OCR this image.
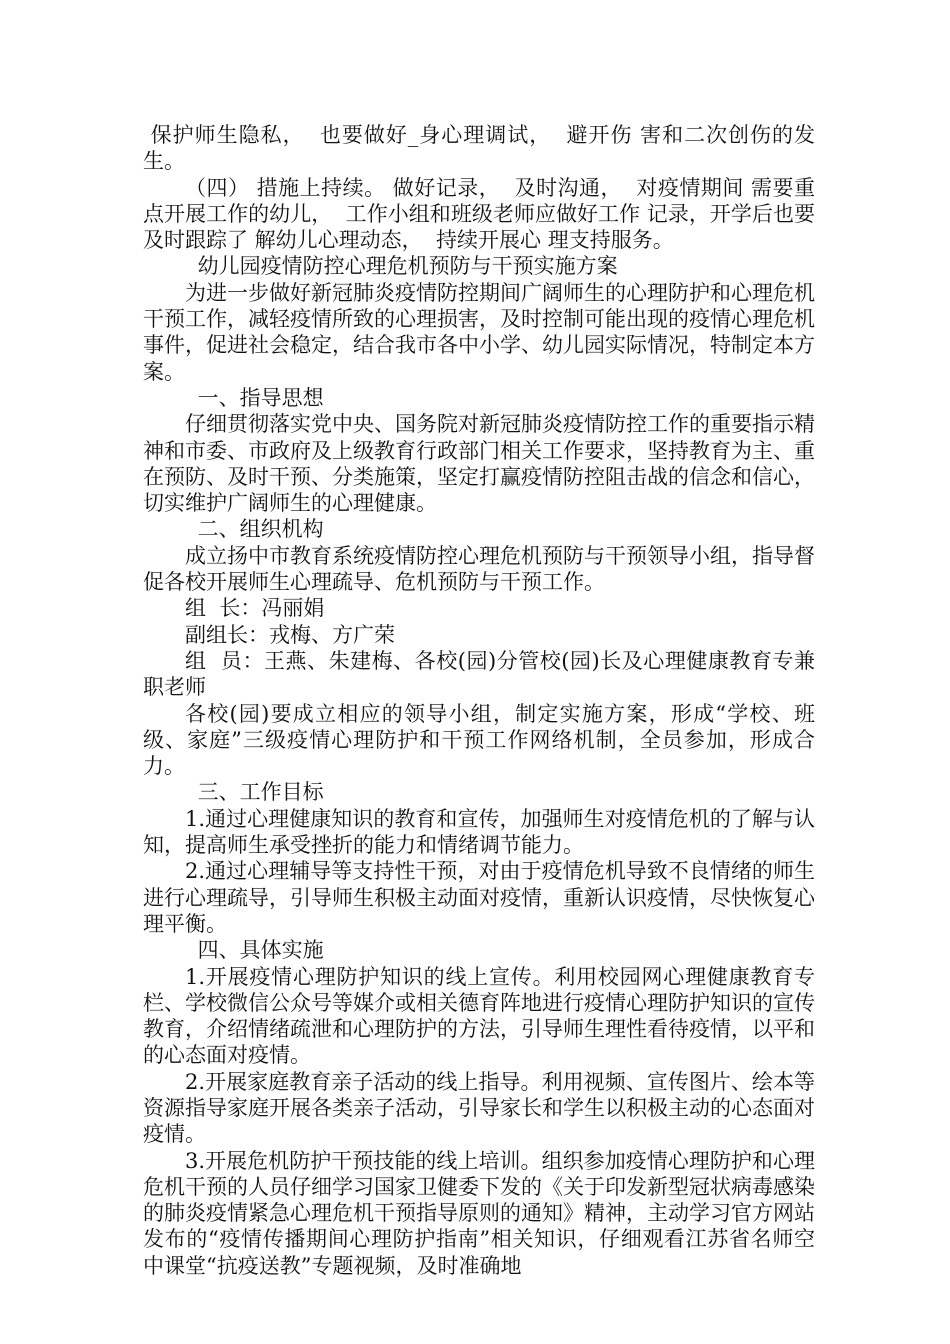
保护师生隐私，  也要做好_身心理调试，  避开伤 害和二次创伤的发生。

（四） 措施上持续。 做好记录，  及时沟通，  对疫情期间 需要重点开展工作的幼儿，  工作小组和班级老师应做好工作 记录，开学后也要及时跟踪了 解幼儿心理动态，  持续开展心 理支持服务。

幼儿园疫情防控心理危机预防与干预实施方案

为进一步做好新冠肺炎疫情防控期间广阔师生的心理防护和心理危机干预工作，减轻疫情所致的心理损害，及时控制可能出现的疫情心理危机事件，促进社会稳定，结合我市各中小学、幼儿园实际情况，特制定本方案。

一、指导思想

仔细贯彻落实党中央、国务院对新冠肺炎疫情防控工作的重要指示精神和市委、市政府及上级教育行政部门相关工作要求，坚持教育为主、重在预防、及时干预、分类施策，坚定打赢疫情防控阻击战的信念和信心，切实维护广阔师生的心理健康。

二、组织机构

成立扬中市教育系统疫情防控心理危机预防与干预领导小组，指导督促各校开展师生心理疏导、危机预防与干预工作。

组  长：冯丽娟

副组长：戎梅、方广荣

组  员：王燕、朱建梅、各校(园)分管校(园)长及心理健康教育专兼职老师

各校(园)要成立相应的领导小组，制定实施方案，形成“学校、班级、家庭”三级疫情心理防护和干预工作网络机制，全员参加，形成合力。

三、工作目标

1.通过心理健康知识的教育和宣传，加强师生对疫情危机的了解与认知，提高师生承受挫折的能力和情绪调节能力。

2.通过心理辅导等支持性干预，对由于疫情危机导致不良情绪的师生进行心理疏导，引导师生积极主动面对疫情，重新认识疫情，尽快恢复心理平衡。

四、具体实施

1.开展疫情心理防护知识的线上宣传。利用校园网心理健康教育专栏、学校微信公众号等媒介或相关德育阵地进行疫情心理防护知识的宣传教育，介绍情绪疏泄和心理防护的方法，引导师生理性看待疫情，以平和的心态面对疫情。

2.开展家庭教育亲子活动的线上指导。利用视频、宣传图片、绘本等资源指导家庭开展各类亲子活动，引导家长和学生以积极主动的心态面对疫情。

3.开展危机防护干预技能的线上培训。组织参加疫情心理防护和心理危机干预的人员仔细学习国家卫健委下发的《关于印发新型冠状病毒感染的肺炎疫情紧急心理危机干预指导原则的通知》精神，主动学习官方网站发布的“疫情传播期间心理防护指南”相关知识，仔细观看江苏省名师空中课堂“抗疫送教”专题视频，及时准确地
